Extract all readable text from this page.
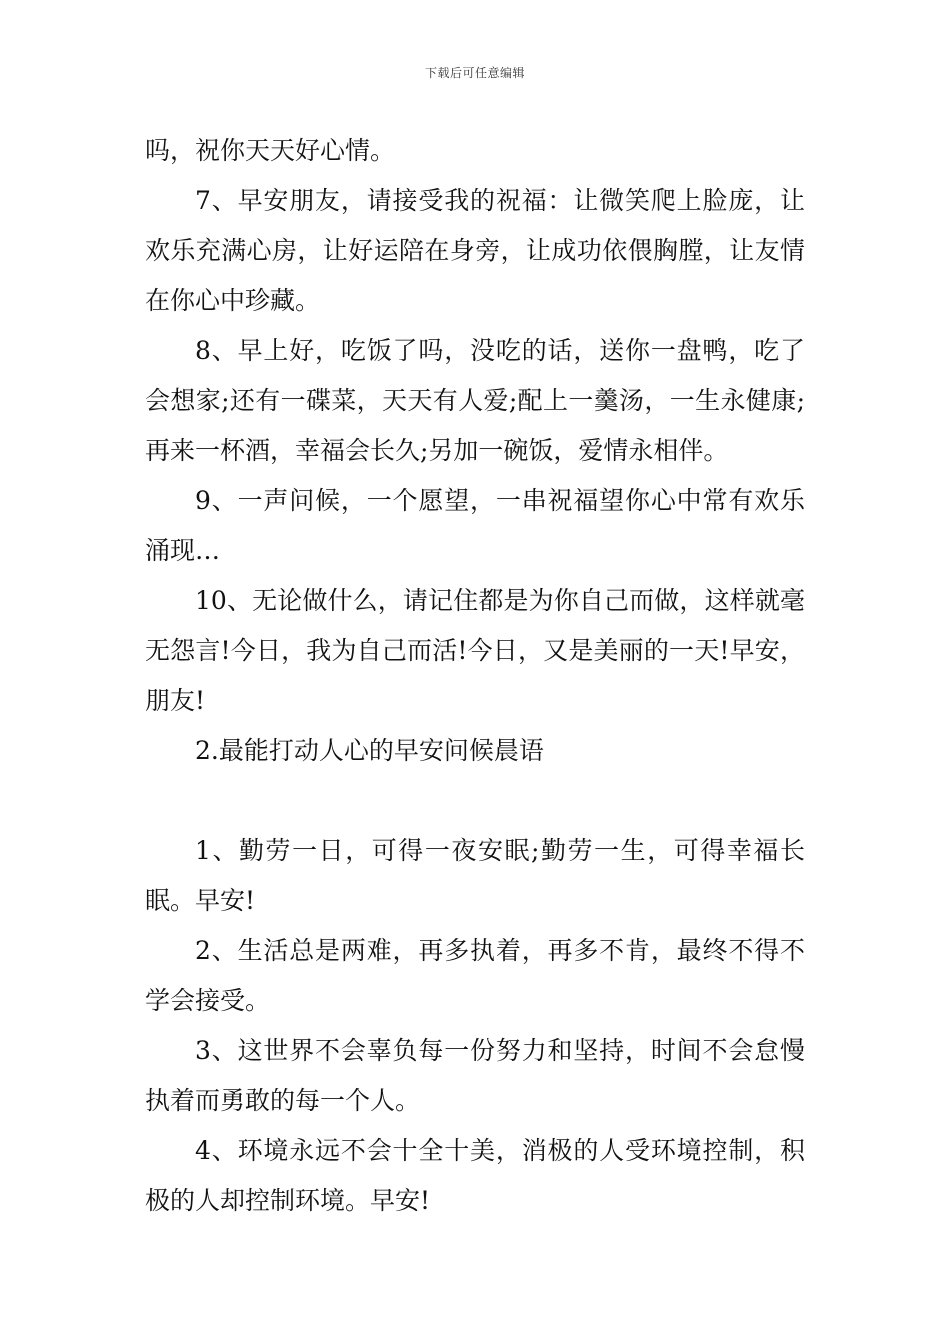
下载后可任意编辑

吗，祝你天天好心情。

7、早安朋友，请接受我的祝福：让微笑爬上脸庞，让欢乐充满心房，让好运陪在身旁，让成功依偎胸膛，让友情在你心中珍藏。

8、早上好，吃饭了吗，没吃的话，送你一盘鸭，吃了会想家;还有一碟菜，天天有人爱;配上一羹汤，一生永健康;再来一杯酒，幸福会长久;另加一碗饭，爱情永相伴。

9、一声问候，一个愿望，一串祝福望你心中常有欢乐涌现…

10、无论做什么，请记住都是为你自己而做，这样就毫无怨言!今日，我为自己而活!今日，又是美丽的一天!早安，朋友!

2.最能打动人心的早安问候晨语

1、勤劳一日，可得一夜安眠;勤劳一生，可得幸福长眠。早安!

2、生活总是两难，再多执着，再多不肯，最终不得不学会接受。

3、这世界不会辜负每一份努力和坚持，时间不会怠慢执着而勇敢的每一个人。

4、环境永远不会十全十美，消极的人受环境控制，积极的人却控制环境。早安!
